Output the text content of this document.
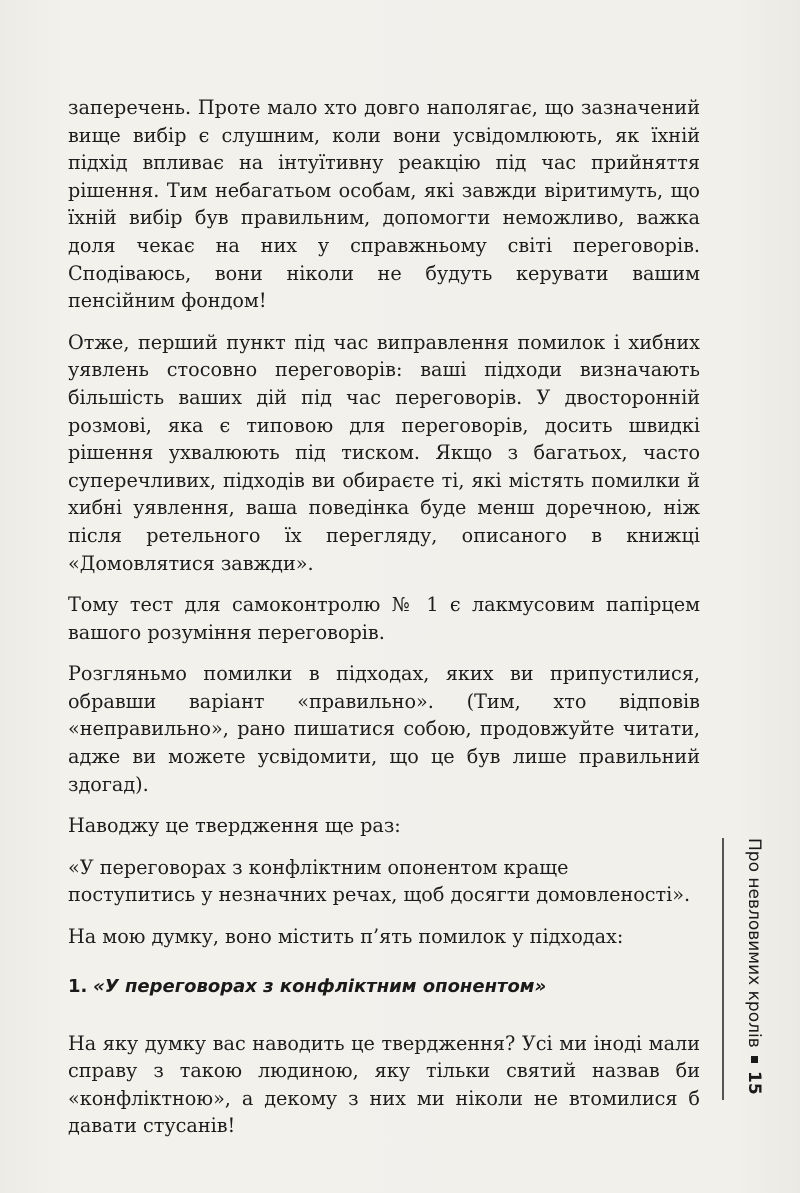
заперечень. Проте мало хто довго наполягає, що зазначений вище вибір є слушним, коли вони усвідомлюють, як їхній підхід впливає на інтуїтивну реакцію під час прийняття рішення. Тим небагатьом особам, які завжди віритимуть, що їхній вибір був правильним, допомогти неможливо, важка доля чекає на них у справжньому світі переговорів. Сподіваюсь, вони ніколи не будуть керувати вашим пенсійним фондом!

Отже, перший пункт під час виправлення помилок і хибних уявлень стосовно переговорів: ваші підходи визначають більшість ваших дій під час переговорів. У двосторонній розмові, яка є типовою для переговорів, досить швидкі рішення ухвалюють під тиском. Якщо з багатьох, часто суперечливих, підходів ви обираєте ті, які містять помилки й хибні уявлення, ваша поведінка буде менш доречною, ніж після ретельного їх перегляду, описаного в книжці «Домовлятися завжди».

Тому тест для самоконтролю № 1 є лакмусовим папірцем вашого розуміння переговорів.

Розгляньмо помилки в підходах, яких ви припустилися, обравши варіант «правильно». (Тим, хто відповів «неправильно», рано пишатися собою, продовжуйте читати, адже ви можете усвідомити, що це був лише правильний здогад).

Наводжу це твердження ще раз:

«У переговорах з конфліктним опонентом краще поступитись у незначних речах, щоб досягти домовленості».

На мою думку, воно містить п’ять помилок у підходах:

1. «У переговорах з конфліктним опонентом»

На яку думку вас наводить це твердження? Усі ми іноді мали справу з такою людиною, яку тільки святий назвав би «конфліктною», а декому з них ми ніколи не втомилися б давати стусанів!

Про невловимих кролів
15
